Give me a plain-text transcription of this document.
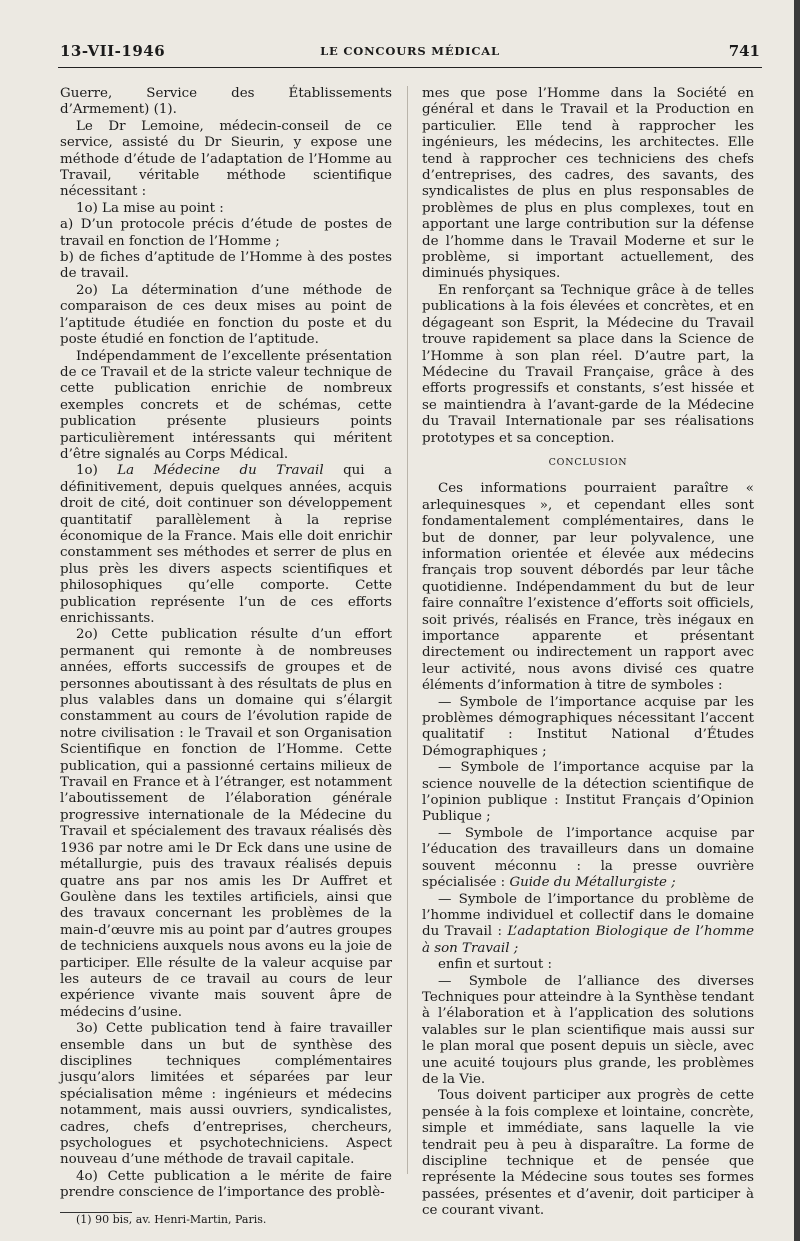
13-VII-1946	LE CONCOURS MÉDICAL	741

Guerre, Service des Établissements d’Armement) (1).

Le Dr Lemoine, médecin-conseil de ce service, assisté du Dr Sieurin, y expose une méthode d’étude de l’adaptation de l’Homme au Travail, véritable méthode scientifique nécessitant :

1o) La mise au point :

a) D’un protocole précis d’étude de postes de travail en fonction de l’Homme ;

b) de fiches d’aptitude de l’Homme à des postes de travail.

2o) La détermination d’une méthode de comparaison de ces deux mises au point de l’aptitude étudiée en fonction du poste et du poste étudié en fonction de l’aptitude.

Indépendamment de l’excellente présentation de ce Travail et de la stricte valeur technique de cette publication enrichie de nombreux exemples concrets et de schémas, cette publication présente plusieurs points particulièrement intéressants qui méritent d’être signalés au Corps Médical.

1o) La Médecine du Travail qui a définitivement, depuis quelques années, acquis droit de cité, doit continuer son développement quantitatif parallèlement à la reprise économique de la France. Mais elle doit enrichir constamment ses méthodes et serrer de plus en plus près les divers aspects scientifiques et philosophiques qu’elle comporte. Cette publication représente l’un de ces efforts enrichissants.

2o) Cette publication résulte d’un effort permanent qui remonte à de nombreuses années, efforts successifs de groupes et de personnes aboutissant à des résultats de plus en plus valables dans un domaine qui s’élargit constamment au cours de l’évolution rapide de notre civilisation : le Travail et son Organisation Scientifique en fonction de l’Homme. Cette publication, qui a passionné certains milieux de Travail en France et à l’étranger, est notamment l’aboutissement de l’élaboration générale progressive internationale de la Médecine du Travail et spécialement des travaux réalisés dès 1936 par notre ami le Dr Eck dans une usine de métallurgie, puis des travaux réalisés depuis quatre ans par nos amis les Dr Auffret et Goulène dans les textiles artificiels, ainsi que des travaux concernant les problèmes de la main-d’œuvre mis au point par d’autres groupes de techniciens auxquels nous avons eu la joie de participer. Elle résulte de la valeur acquise par les auteurs de ce travail au cours de leur expérience vivante mais souvent âpre de médecins d’usine.

3o) Cette publication tend à faire travailler ensemble dans un but de synthèse des disciplines techniques complémentaires jusqu’alors limitées et séparées par leur spécialisation même : ingénieurs et médecins notamment, mais aussi ouvriers, syndicalistes, cadres, chefs d’entreprises, chercheurs, psychologues et psychotechniciens. Aspect nouveau d’une méthode de travail capitale.

4o) Cette publication a le mérite de faire prendre conscience de l’importance des problè-

(1) 90 bis, av. Henri-Martin, Paris.

mes que pose l’Homme dans la Société en général et dans le Travail et la Production en particulier. Elle tend à rapprocher les ingénieurs, les médecins, les architectes. Elle tend à rapprocher ces techniciens des chefs d’entreprises, des cadres, des savants, des syndicalistes de plus en plus responsables de problèmes de plus en plus complexes, tout en apportant une large contribution sur la défense de l’homme dans le Travail Moderne et sur le problème, si important actuellement, des diminués physiques.

En renforçant sa Technique grâce à de telles publications à la fois élevées et concrètes, et en dégageant son Esprit, la Médecine du Travail trouve rapidement sa place dans la Science de l’Homme à son plan réel. D’autre part, la Médecine du Travail Française, grâce à des efforts progressifs et constants, s’est hissée et se maintiendra à l’avant-garde de la Médecine du Travail Internationale par ses réalisations prototypes et sa conception.

CONCLUSION

Ces informations pourraient paraître « arlequinesques », et cependant elles sont fondamentalement complémentaires, dans le but de donner, par leur polyvalence, une information orientée et élevée aux médecins français trop souvent débordés par leur tâche quotidienne. Indépendamment du but de leur faire connaître l’existence d’efforts soit officiels, soit privés, réalisés en France, très inégaux en importance apparente et présentant directement ou indirectement un rapport avec leur activité, nous avons divisé ces quatre éléments d’information à titre de symboles :

— Symbole de l’importance acquise par les problèmes démographiques nécessitant l’accent qualitatif : Institut National d’Études Démographiques ;

— Symbole de l’importance acquise par la science nouvelle de la détection scientifique de l’opinion publique : Institut Français d’Opinion Publique ;

— Symbole de l’importance acquise par l’éducation des travailleurs dans un domaine souvent méconnu : la presse ouvrière spécialisée : Guide du Métallurgiste ;

— Symbole de l’importance du problème de l’homme individuel et collectif dans le domaine du Travail : L’adaptation Biologique de l’homme à son Travail ;

enfin et surtout :

— Symbole de l’alliance des diverses Techniques pour atteindre à la Synthèse tendant à l’élaboration et à l’application des solutions valables sur le plan scientifique mais aussi sur le plan moral que posent depuis un siècle, avec une acuité toujours plus grande, les problèmes de la Vie.

Tous doivent participer aux progrès de cette pensée à la fois complexe et lointaine, concrète, simple et immédiate, sans laquelle la vie tendrait peu à peu à disparaître. La forme de discipline technique et de pensée que représente la Médecine sous toutes ses formes passées, présentes et d’avenir, doit participer à ce courant vivant.
